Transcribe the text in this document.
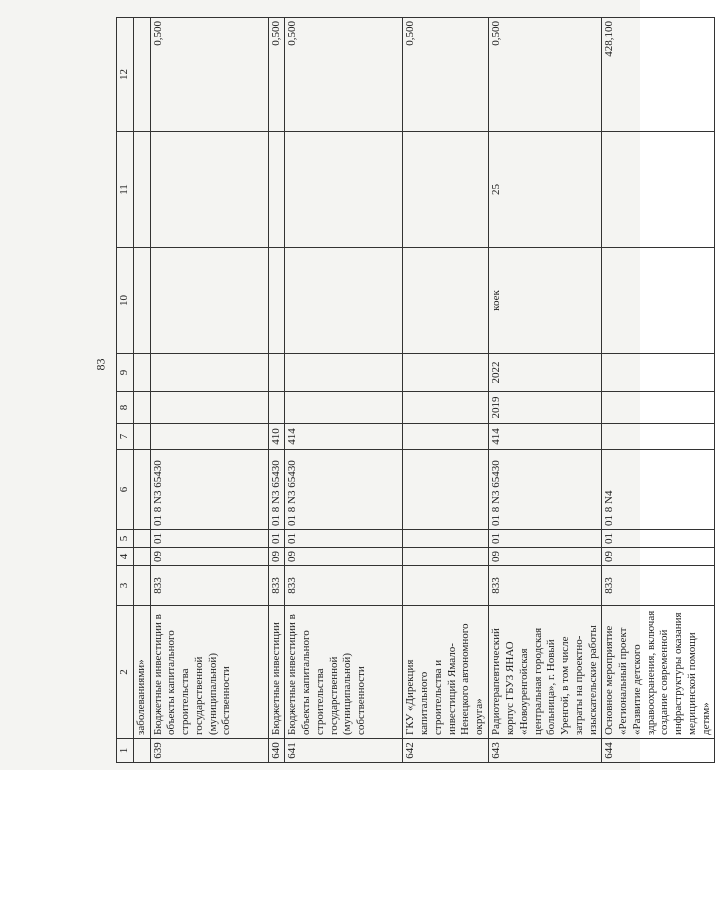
83
1	2	3	4	5	6	7	8	9	10	11	12
	заболеваниями»										
639	Бюджетные инвестиции в объекты капитального строительства государственной (муниципальной) собственности	833	09	01	01 8 N3 65430						0,500
640	Бюджетные инвестиции	833	09	01	01 8 N3 65430	410					0,500
641	Бюджетные инвестиции в объекты капитального строительства государственной (муниципальной) собственности	833	09	01	01 8 N3 65430	414					0,500
642	ГКУ «Дирекция капитального строительства и инвестиций Ямало-Ненецкого автономного округа»										0,500
643	Радиотерапевтический корпус ГБУЗ ЯНАО «Новоуренгойская центральная городская больница», г. Новый Уренгой, в том числе затраты на проектно-изыскательские работы	833	09	01	01 8 N3 65430	414	2019	2022	коек	25	0,500
644	Основное мероприятие «Региональный проект «Развитие детского здравоохранения, включая создание современной инфраструктуры оказания медицинской помощи детям»	833	09	01	01 8 N4						428,100
